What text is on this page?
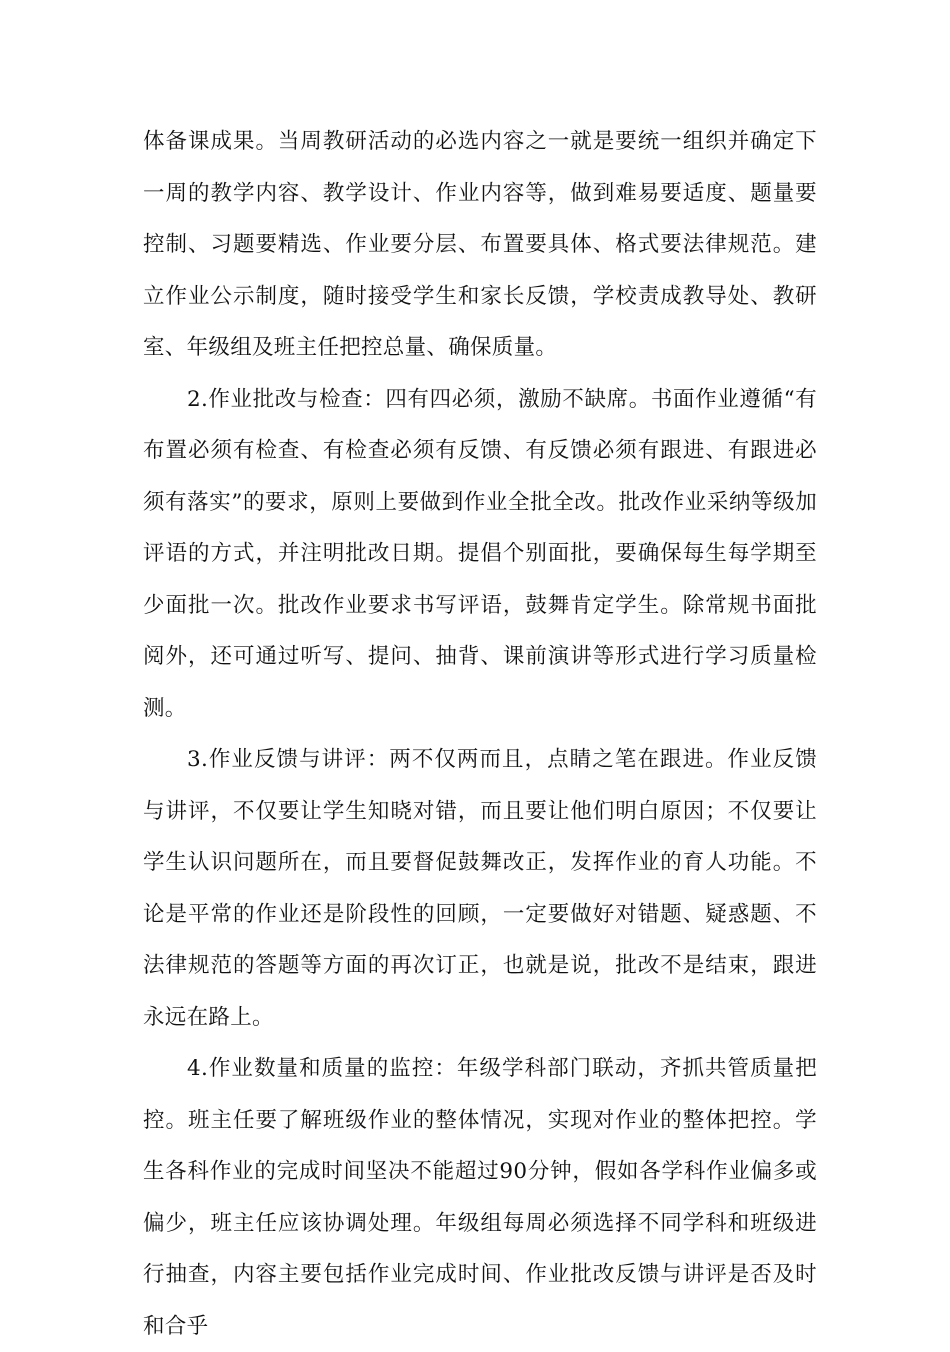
体备课成果。当周教研活动的必选内容之一就是要统一组织并确定下一周的教学内容、教学设计、作业内容等，做到难易要适度、题量要控制、习题要精选、作业要分层、布置要具体、格式要法律规范。建立作业公示制度，随时接受学生和家长反馈，学校责成教导处、教研室、年级组及班主任把控总量、确保质量。

2.作业批改与检查：四有四必须，激励不缺席。书面作业遵循“有布置必须有检查、有检查必须有反馈、有反馈必须有跟进、有跟进必须有落实”的要求，原则上要做到作业全批全改。批改作业采纳等级加评语的方式，并注明批改日期。提倡个别面批，要确保每生每学期至少面批一次。批改作业要求书写评语，鼓舞肯定学生。除常规书面批阅外，还可通过听写、提问、抽背、课前演讲等形式进行学习质量检测。

3.作业反馈与讲评：两不仅两而且，点睛之笔在跟进。作业反馈与讲评，不仅要让学生知晓对错，而且要让他们明白原因；不仅要让学生认识问题所在，而且要督促鼓舞改正，发挥作业的育人功能。不论是平常的作业还是阶段性的回顾，一定要做好对错题、疑惑题、不法律规范的答题等方面的再次订正，也就是说，批改不是结束，跟进永远在路上。

4.作业数量和质量的监控：年级学科部门联动，齐抓共管质量把控。班主任要了解班级作业的整体情况，实现对作业的整体把控。学生各科作业的完成时间坚决不能超过90分钟，假如各学科作业偏多或偏少，班主任应该协调处理。年级组每周必须选择不同学科和班级进行抽查，内容主要包括作业完成时间、作业批改反馈与讲评是否及时和合乎
